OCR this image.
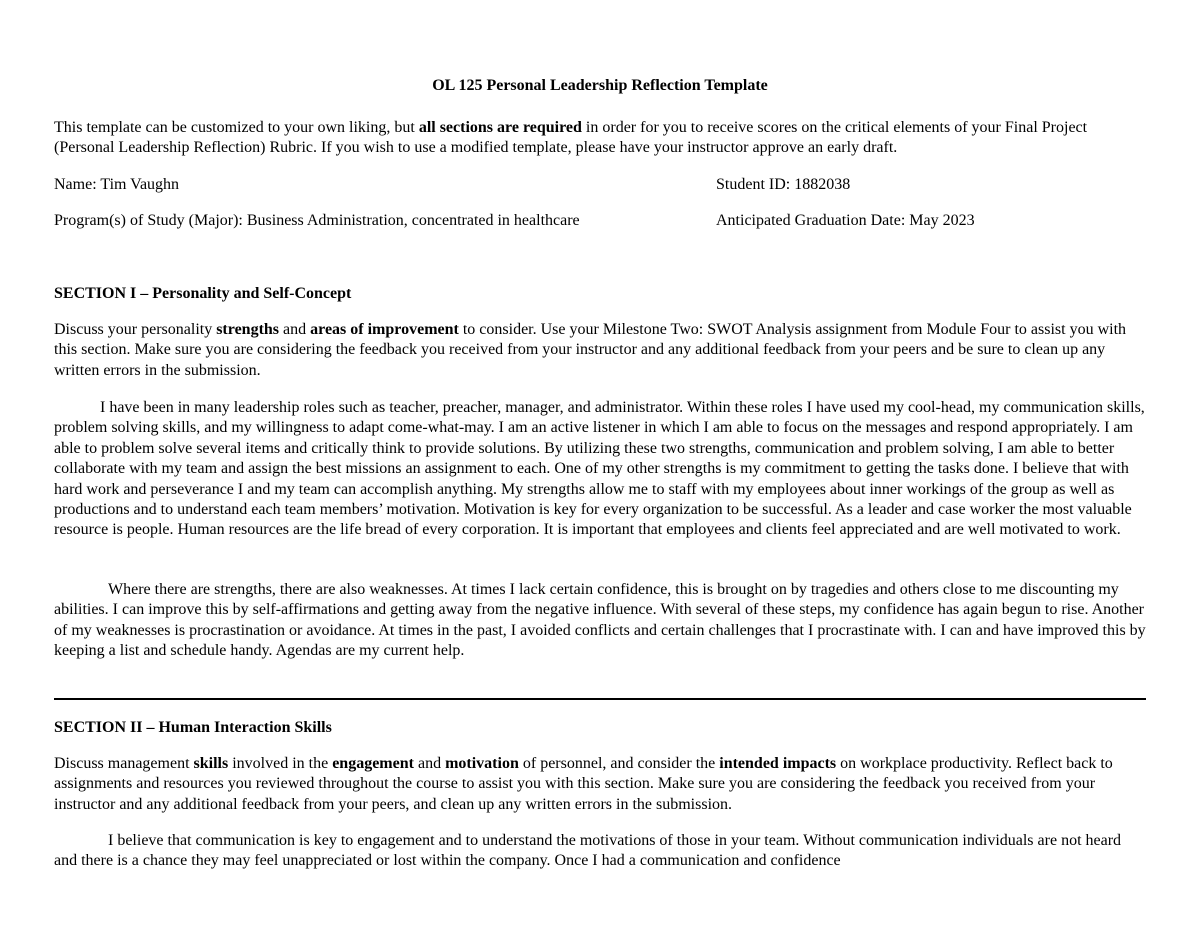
OL 125 Personal Leadership Reflection Template
This template can be customized to your own liking, but all sections are required in order for you to receive scores on the critical elements of your Final Project (Personal Leadership Reflection) Rubric. If you wish to use a modified template, please have your instructor approve an early draft.
Name: Tim Vaughn	Student ID: 1882038
Program(s) of Study (Major): Business Administration, concentrated in healthcare	Anticipated Graduation Date: May 2023
SECTION I – Personality and Self-Concept
Discuss your personality strengths and areas of improvement to consider. Use your Milestone Two: SWOT Analysis assignment from Module Four to assist you with this section. Make sure you are considering the feedback you received from your instructor and any additional feedback from your peers and be sure to clean up any written errors in the submission.
I have been in many leadership roles such as teacher, preacher, manager, and administrator. Within these roles I have used my cool-head, my communication skills, problem solving skills, and my willingness to adapt come-what-may. I am an active listener in which I am able to focus on the messages and respond appropriately. I am able to problem solve several items and critically think to provide solutions. By utilizing these two strengths, communication and problem solving, I am able to better collaborate with my team and assign the best missions an assignment to each. One of my other strengths is my commitment to getting the tasks done. I believe that with hard work and perseverance I and my team can accomplish anything. My strengths allow me to staff with my employees about inner workings of the group as well as productions and to understand each team members’ motivation. Motivation is key for every organization to be successful. As a leader and case worker the most valuable resource is people. Human resources are the life bread of every corporation. It is important that employees and clients feel appreciated and are well motivated to work.
Where there are strengths, there are also weaknesses. At times I lack certain confidence, this is brought on by tragedies and others close to me discounting my abilities. I can improve this by self-affirmations and getting away from the negative influence. With several of these steps, my confidence has again begun to rise. Another of my weaknesses is procrastination or avoidance. At times in the past, I avoided conflicts and certain challenges that I procrastinate with. I can and have improved this by keeping a list and schedule handy. Agendas are my current help.
SECTION II – Human Interaction Skills
Discuss management skills involved in the engagement and motivation of personnel, and consider the intended impacts on workplace productivity. Reflect back to assignments and resources you reviewed throughout the course to assist you with this section. Make sure you are considering the feedback you received from your instructor and any additional feedback from your peers, and clean up any written errors in the submission.
I believe that communication is key to engagement and to understand the motivations of those in your team. Without communication individuals are not heard and there is a chance they may feel unappreciated or lost within the company. Once I had a communication and confidence
